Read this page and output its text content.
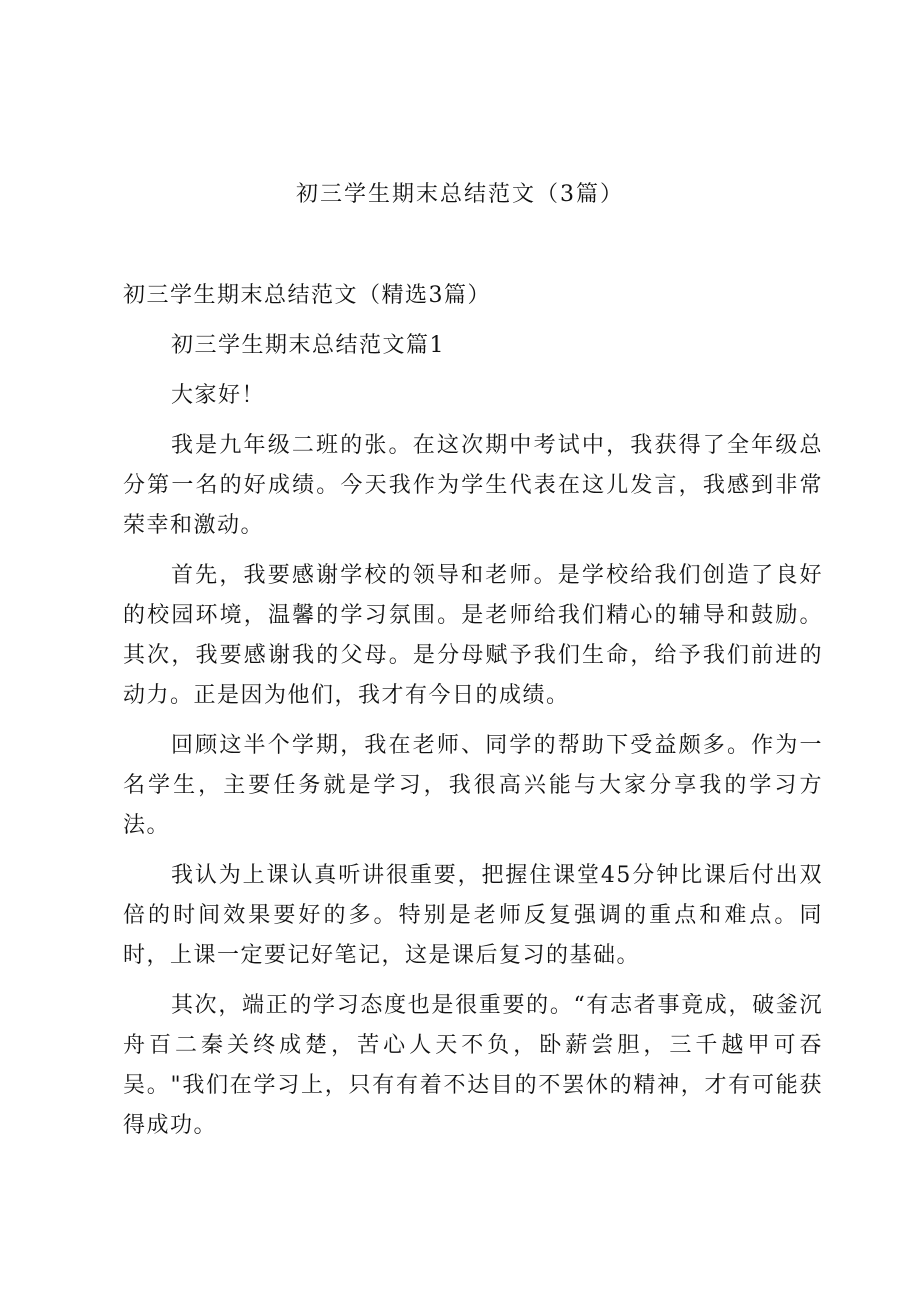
初三学生期末总结范文（3篇）

初三学生期末总结范文（精选3篇）

初三学生期末总结范文篇1

大家好！

我是九年级二班的张。在这次期中考试中，我获得了全年级总分第一名的好成绩。今天我作为学生代表在这儿发言，我感到非常荣幸和激动。

首先，我要感谢学校的领导和老师。是学校给我们创造了良好的校园环境，温馨的学习氛围。是老师给我们精心的辅导和鼓励。其次，我要感谢我的父母。是分母赋予我们生命，给予我们前进的动力。正是因为他们，我才有今日的成绩。

回顾这半个学期，我在老师、同学的帮助下受益颇多。作为一名学生，主要任务就是学习，我很高兴能与大家分享我的学习方法。

我认为上课认真听讲很重要，把握住课堂45分钟比课后付出双倍的时间效果要好的多。特别是老师反复强调的重点和难点。同时，上课一定要记好笔记，这是课后复习的基础。

其次，端正的学习态度也是很重要的。“有志者事竟成，破釜沉舟百二秦关终成楚，苦心人天不负，卧薪尝胆，三千越甲可吞吴。"我们在学习上，只有有着不达目的不罢休的精神，才有可能获得成功。
